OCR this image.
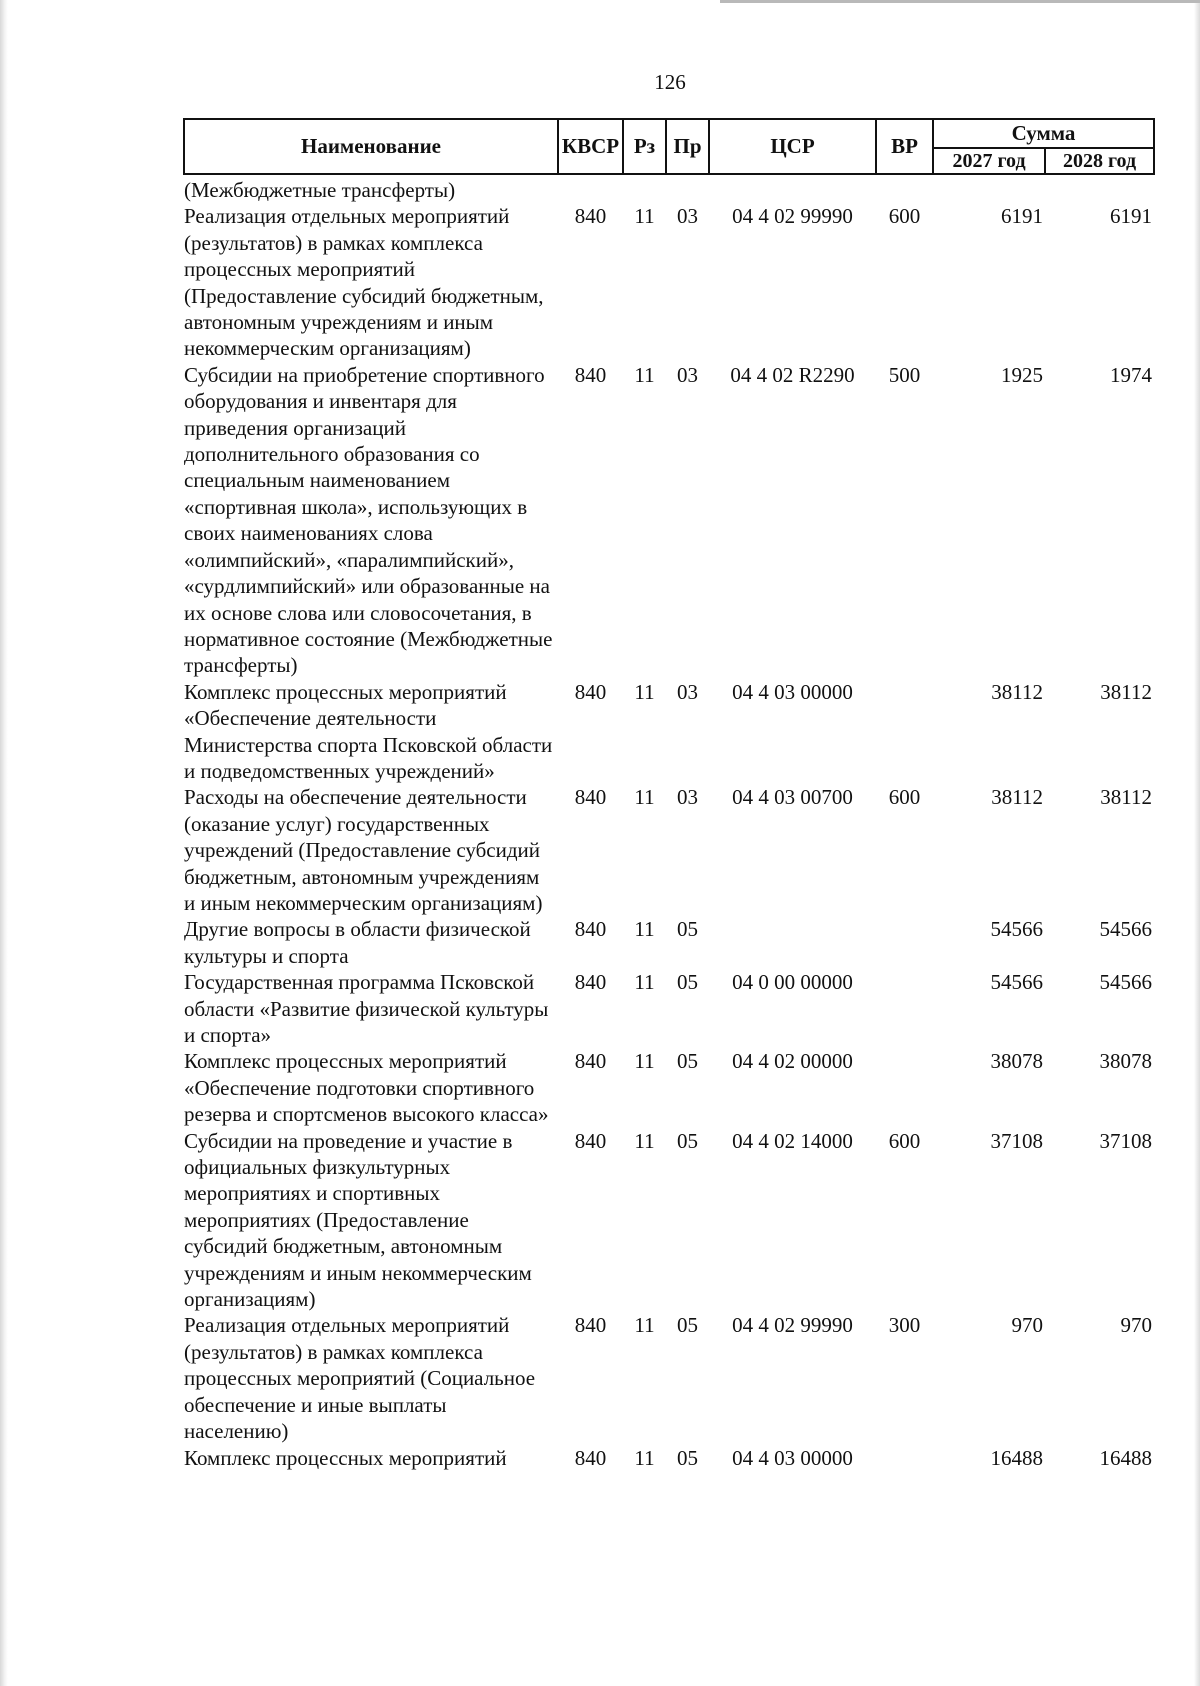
126
Наименование	КВСР	Рз	Пр	ЦСР	ВР	Сумма	
						2027 год	2028 год
(Межбюджетные трансферты)							
Реализация отдельных мероприятий (результатов) в рамках комплекса процессных мероприятий (Предоставление субсидий бюджетным, автономным учреждениям и иным некоммерческим организациям)	840	11	03	04 4 02 99990	600	6191	6191
Субсидии на приобретение спортивного оборудования и инвентаря для приведения организаций дополнительного образования со специальным наименованием «спортивная школа», использующих в своих наименованиях слова «олимпийский», «паралимпийский», «сурдлимпийский» или образованные на их основе слова или словосочетания, в нормативное состояние (Межбюджетные трансферты)	840	11	03	04 4 02 R2290	500	1925	1974
Комплекс процессных мероприятий «Обеспечение деятельности Министерства спорта Псковской области и подведомственных учреждений»	840	11	03	04 4 03 00000		38112	38112
Расходы на обеспечение деятельности (оказание услуг) государственных учреждений (Предоставление субсидий бюджетным, автономным учреждениям и иным некоммерческим организациям)	840	11	03	04 4 03 00700	600	38112	38112
Другие вопросы в области физической культуры и спорта	840	11	05			54566	54566
Государственная программа Псковской области «Развитие физической культуры и спорта»	840	11	05	04 0 00 00000		54566	54566
Комплекс процессных мероприятий «Обеспечение подготовки спортивного резерва и спортсменов высокого класса»	840	11	05	04 4 02 00000		38078	38078
Субсидии на проведение и участие в официальных физкультурных мероприятиях и спортивных мероприятиях (Предоставление субсидий бюджетным, автономным учреждениям и иным некоммерческим организациям)	840	11	05	04 4 02 14000	600	37108	37108
Реализация отдельных мероприятий (результатов) в рамках комплекса процессных мероприятий (Социальное обеспечение и иные выплаты населению)	840	11	05	04 4 02 99990	300	970	970
Комплекс процессных мероприятий	840	11	05	04 4 03 00000		16488	16488
